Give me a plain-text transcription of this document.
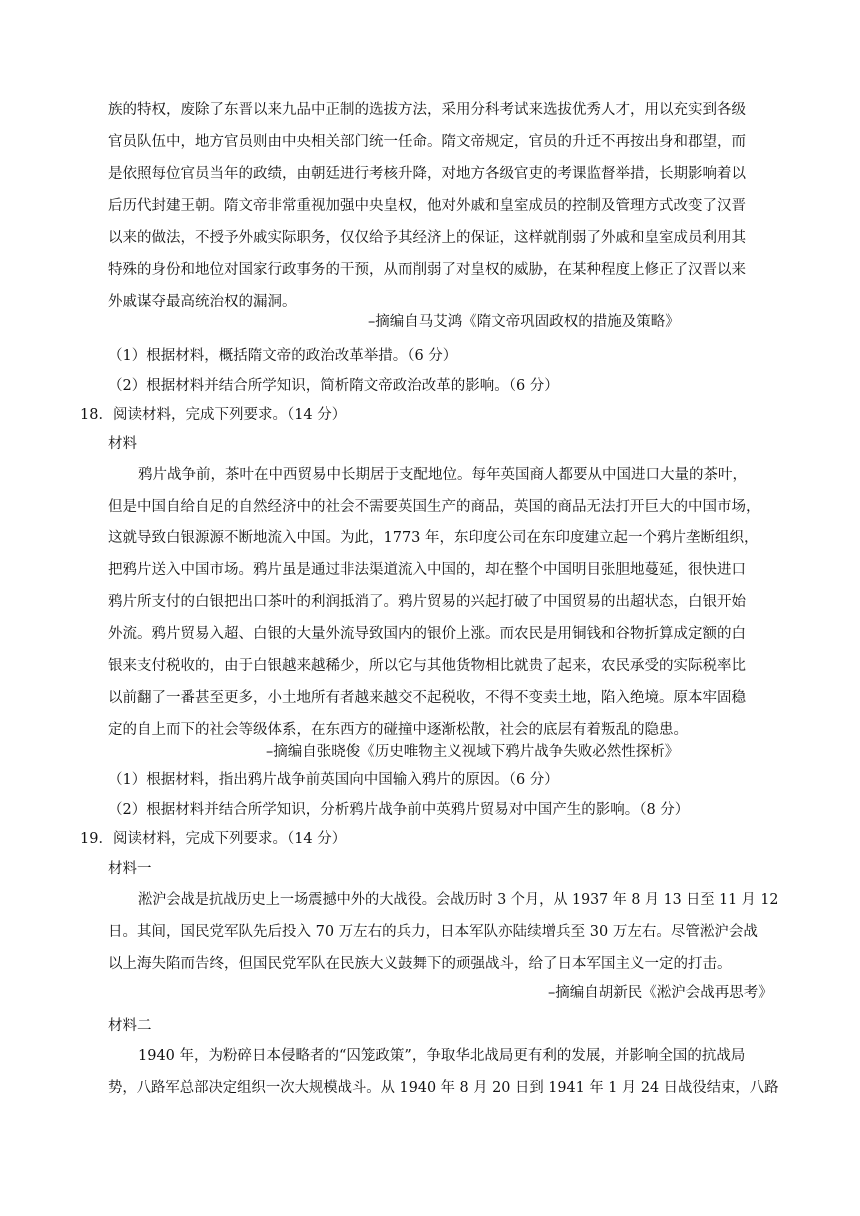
族的特权，废除了东晋以来九品中正制的选拔方法，采用分科考试来选拔优秀人才，用以充实到各级
官员队伍中，地方官员则由中央相关部门统一任命。隋文帝规定，官员的升迁不再按出身和郡望，而
是依照每位官员当年的政绩，由朝廷进行考核升降，对地方各级官吏的考课监督举措，长期影响着以
后历代封建王朝。隋文帝非常重视加强中央皇权，他对外戚和皇室成员的控制及管理方式改变了汉晋
以来的做法，不授予外戚实际职务，仅仅给予其经济上的保证，这样就削弱了外戚和皇室成员利用其
特殊的身份和地位对国家行政事务的干预，从而削弱了对皇权的威胁，在某种程度上修正了汉晋以来
外戚谋夺最高统治权的漏洞。
–摘编自马艾鸿《隋文帝巩固政权的措施及策略》
（1）根据材料，概括隋文帝的政治改革举措。（6 分）
（2）根据材料并结合所学知识，简析隋文帝政治改革的影响。（6 分）
18．阅读材料，完成下列要求。（14 分）
材料
鸦片战争前，茶叶在中西贸易中长期居于支配地位。每年英国商人都要从中国进口大量的茶叶，
但是中国自给自足的自然经济中的社会不需要英国生产的商品，英国的商品无法打开巨大的中国市场，
这就导致白银源源不断地流入中国。为此，1773 年，东印度公司在东印度建立起一个鸦片垄断组织，
把鸦片送入中国市场。鸦片虽是通过非法渠道流入中国的，却在整个中国明目张胆地蔓延，很快进口
鸦片所支付的白银把出口茶叶的利润抵消了。鸦片贸易的兴起打破了中国贸易的出超状态，白银开始
外流。鸦片贸易入超、白银的大量外流导致国内的银价上涨。而农民是用铜钱和谷物折算成定额的白
银来支付税收的，由于白银越来越稀少，所以它与其他货物相比就贵了起来，农民承受的实际税率比
以前翻了一番甚至更多，小土地所有者越来越交不起税收，不得不变卖土地，陷入绝境。原本牢固稳
定的自上而下的社会等级体系，在东西方的碰撞中逐渐松散，社会的底层有着叛乱的隐患。
–摘编自张晓俊《历史唯物主义视域下鸦片战争失败必然性探析》
（1）根据材料，指出鸦片战争前英国向中国输入鸦片的原因。（6 分）
（2）根据材料并结合所学知识，分析鸦片战争前中英鸦片贸易对中国产生的影响。（8 分）
19．阅读材料，完成下列要求。（14 分）
材料一
淞沪会战是抗战历史上一场震撼中外的大战役。会战历时 3 个月，从 1937 年 8 月 13 日至 11 月 12
日。其间，国民党军队先后投入 70 万左右的兵力，日本军队亦陆续增兵至 30 万左右。尽管淞沪会战
以上海失陷而告终，但国民党军队在民族大义鼓舞下的顽强战斗，给了日本军国主义一定的打击。
–摘编自胡新民《淞沪会战再思考》
材料二
1940 年，为粉碎日本侵略者的“囚笼政策”，争取华北战局更有利的发展，并影响全国的抗战局
势，八路军总部决定组织一次大规模战斗。从 1940 年 8 月 20 日到 1941 年 1 月 24 日战役结束，八路
